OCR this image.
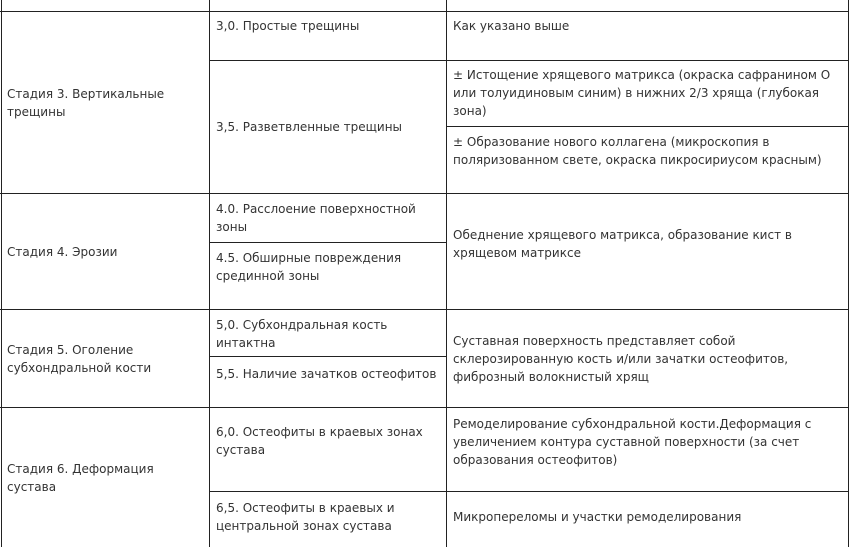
Стадия 3. Вертикальные трещины
Стадия 4. Эрозии
Стадия 5. Оголение субхондральной кости
Стадия 6. Деформация сустава
3,0. Простые трещины
3,5. Разветвленные трещины
4.0. Расслоение поверхностной зоны
4.5. Обширные повреждения срединной зоны
5,0. Субхондральная кость интактна
5,5. Наличие зачатков остеофитов
6,0. Остеофиты в краевых зонах сустава
6,5. Остеофиты в краевых и центральной зонах сустава
Как указано выше
± Истощение хрящевого матрикса (окраска сафранином О или толуидиновым синим) в нижних 2/3 хряща (глубокая зона)
± Образование нового коллагена (микроскопия в поляризованном свете, окраска пикросириусом красным)
Обеднение хрящевого матрикса, образование кист в хрящевом матриксе
Суставная поверхность представляет собой склерозированную кость и/или зачатки остеофитов, фиброзный волокнистый хрящ
Ремоделирование субхондральной кости.Деформация с увеличением контура суставной поверхности (за счет образования остеофитов)
Микропереломы и участки ремоделирования
